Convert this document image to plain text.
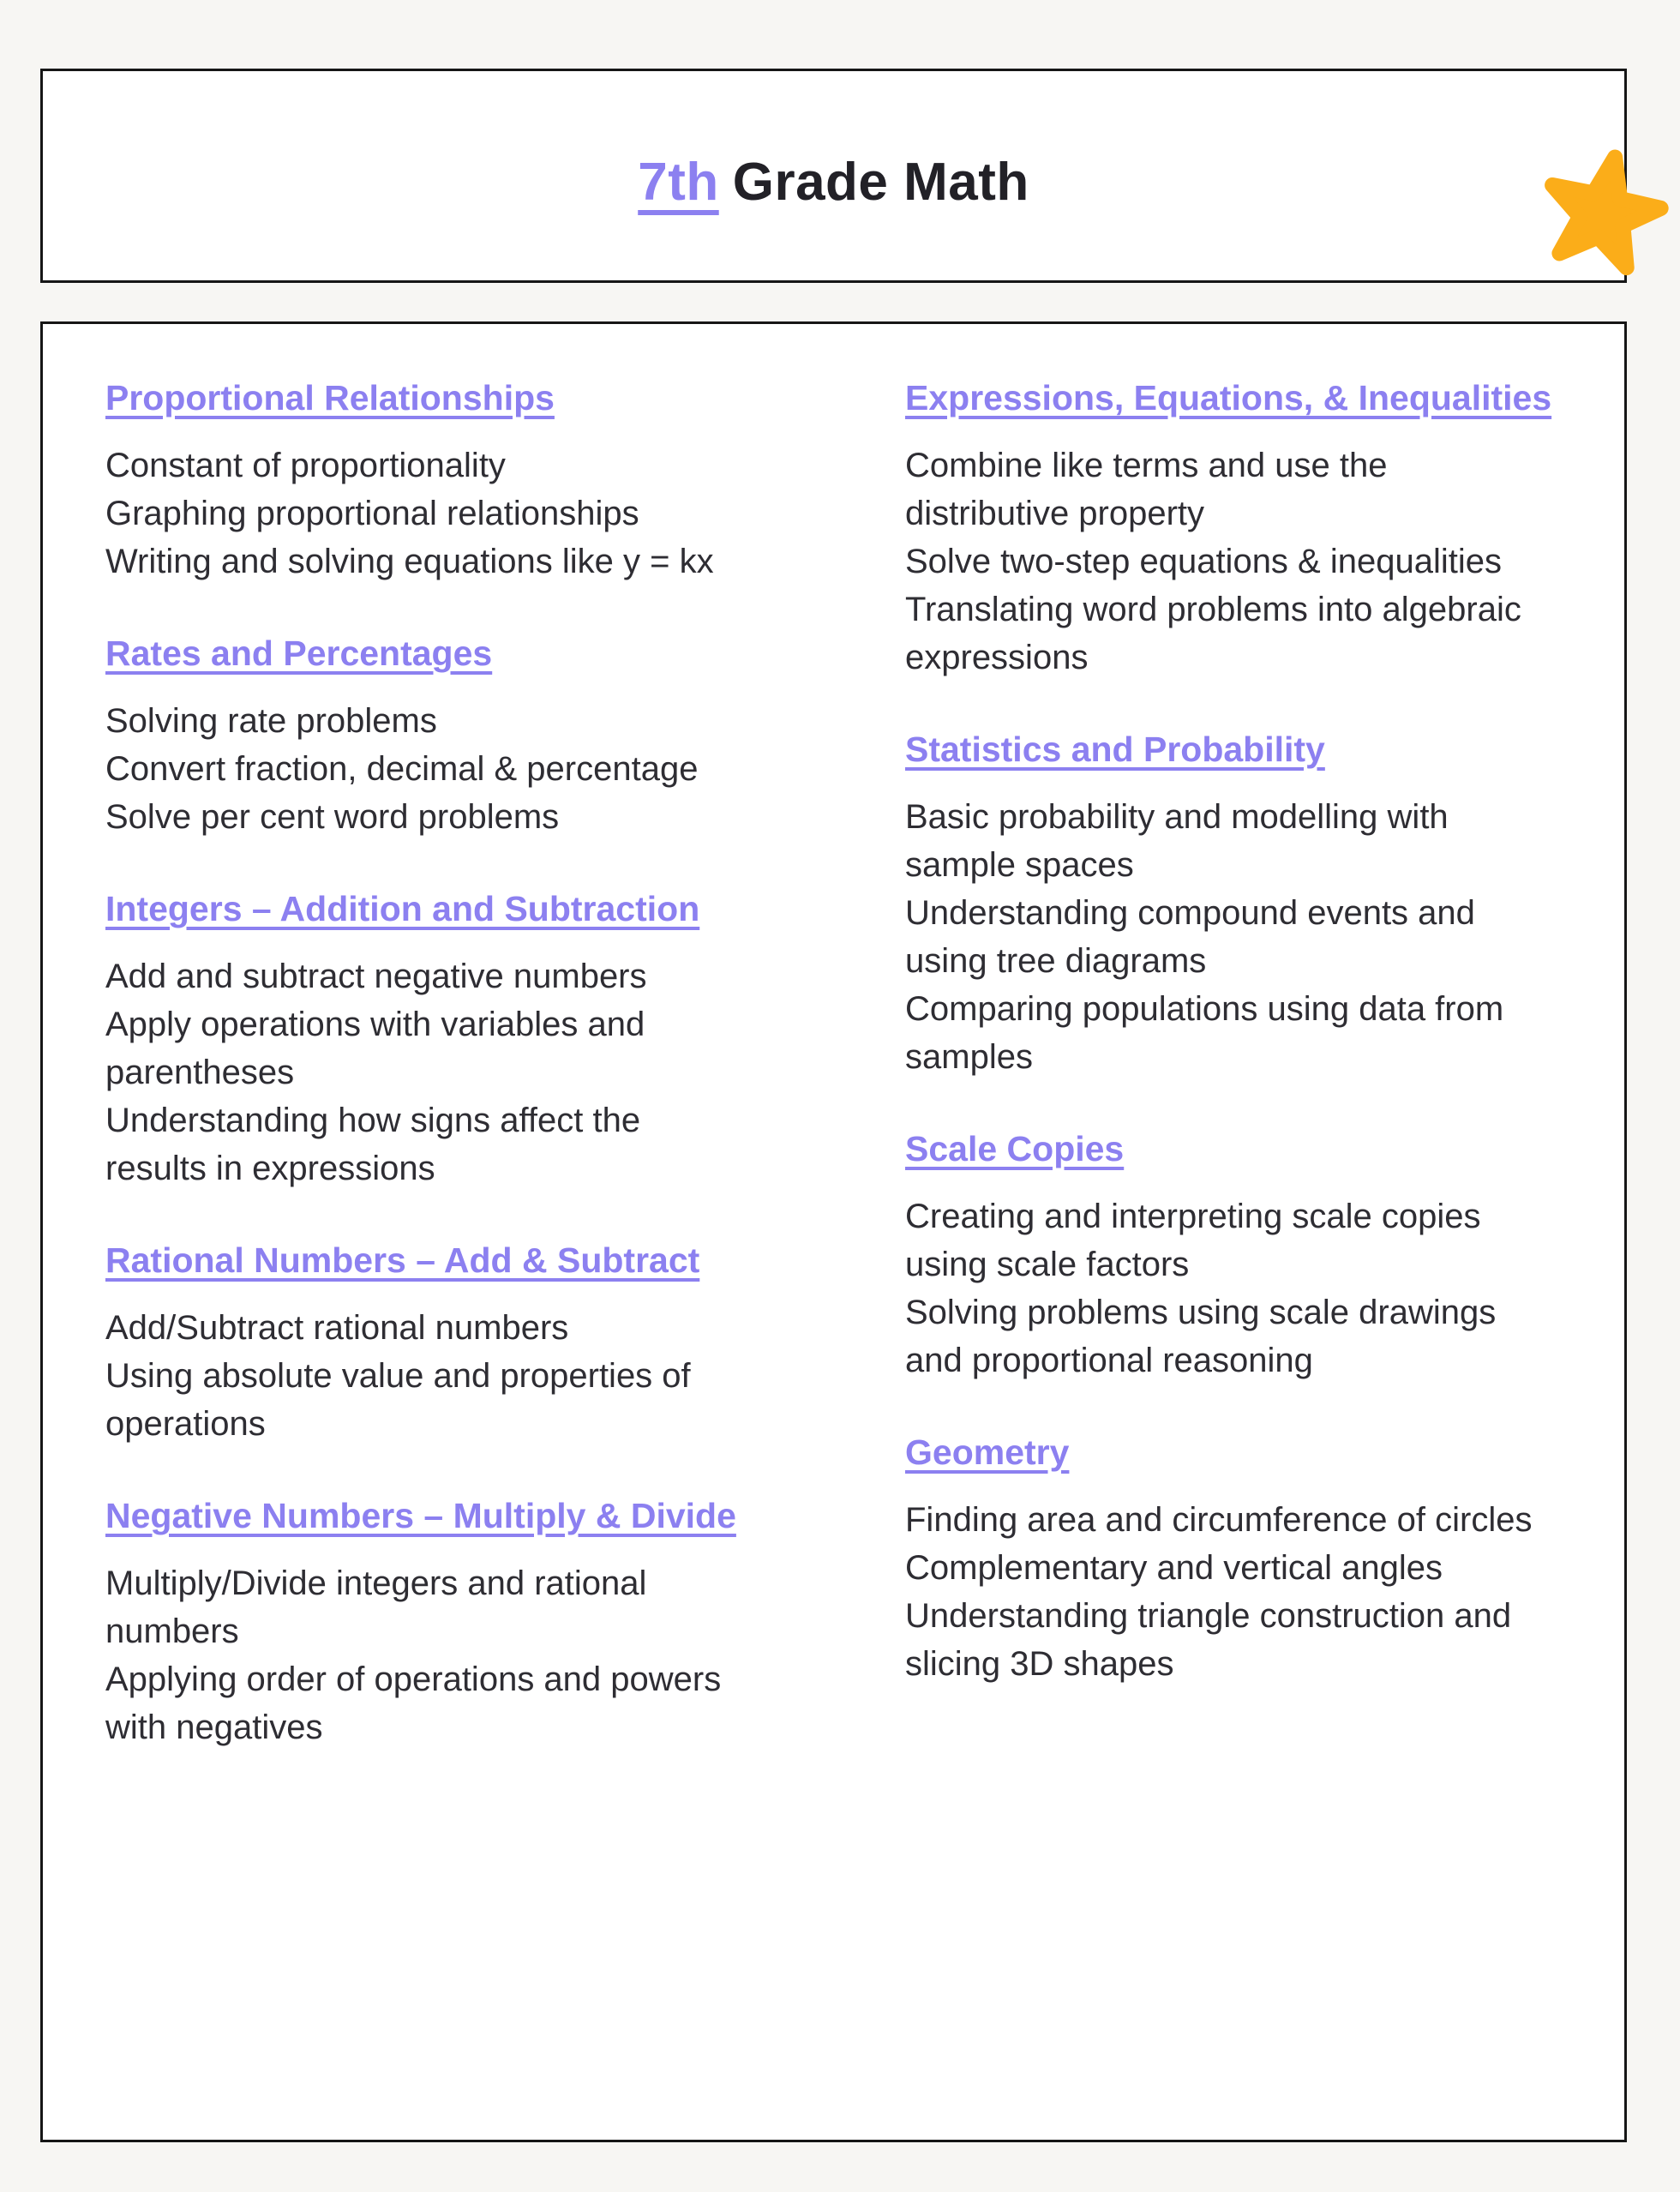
7th Grade Math
Proportional Relationships

Constant of proportionality

Graphing proportional relationships

Writing and solving equations like y = kx

Rates and Percentages

Solving rate problems

Convert fraction, decimal & percentage

Solve per cent word problems

Integers – Addition and Subtraction

Add and subtract negative numbers

Apply operations with variables and parentheses

Understanding how signs affect the results in expressions

Rational Numbers – Add & Subtract

Add/Subtract rational numbers

Using absolute value and properties of operations

Negative Numbers – Multiply & Divide

Multiply/Divide integers and rational numbers

Applying order of operations and powers with negatives

Expressions, Equations, & Inequalities

Combine like terms and use the distributive property

Solve two-step equations & inequalities

Translating word problems into algebraic expressions

Statistics and Probability

Basic probability and modelling with sample spaces

Understanding compound events and using tree diagrams

Comparing populations using data from samples

Scale Copies

Creating and interpreting scale copies using scale factors

Solving problems using scale drawings and proportional reasoning

Geometry

Finding area and circumference of circles

Complementary and vertical angles

Understanding triangle construction and slicing 3D shapes
